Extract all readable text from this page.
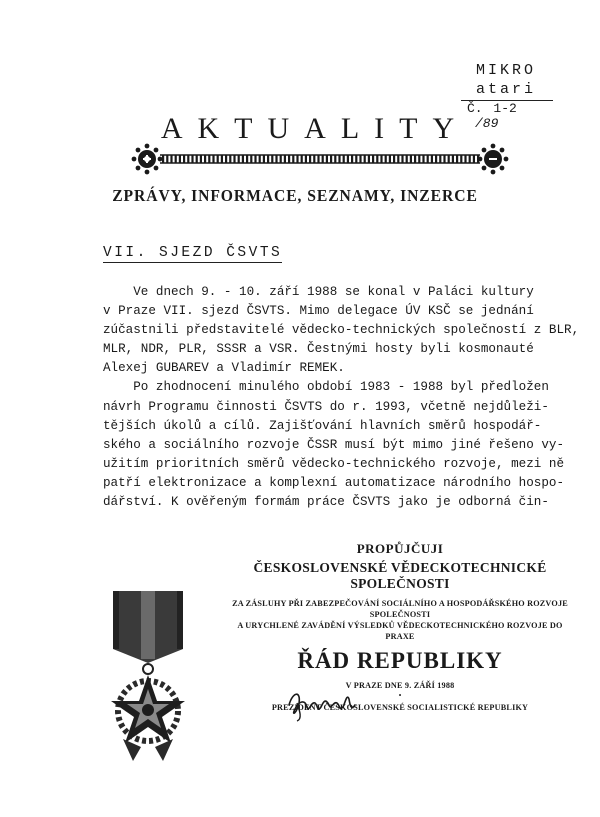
MIKRO
atari
Č. 1-2 /89
AKTUALITY
ZPRÁVY, INFORMACE, SEZNAMY, INZERCE
VII. SJEZD ČSVTS
Ve dnech 9. - 10. září 1988 se konal v Paláci kultury
v Praze VII. sjezd ČSVTS. Mimo delegace ÚV KSČ se jednání
zúčastnili představitelé vědecko-technických společností z BLR,
MLR, NDR, PLR, SSSR a VSR. Čestnými hosty byli kosmonauté
Alexej GUBAREV a Vladimír REMEK.
Po zhodnocení minulého období 1983 - 1988 byl předložen
návrh Programu činnosti ČSVTS do r. 1993, včetně nejdůleži-
tějších úkolů a cílů. Zajišťování hlavních směrů hospodář-
ského a sociálního rozvoje ČSSR musí být mimo jiné řešeno vy-
užitím prioritních směrů vědecko-technického rozvoje, mezi ně
patří elektronizace a komplexní automatizace národního hospo-
dářství. K ověřeným formám práce ČSVTS jako je odborná čin-
PROPŮJČUJI
ČESKOSLOVENSKÉ VĚDECKOTECHNICKÉ SPOLEČNOSTI
ZA ZÁSLUHY PŘI ZABEZPEČOVÁNÍ SOCIÁLNÍHO A HOSPODÁŘSKÉHO ROZVOJE SPOLEČNOSTI
A URYCHLENÉ ZAVÁDĚNÍ VÝSLEDKŮ VĚDECKOTECHNICKÉHO ROZVOJE DO PRAXE
ŘÁD REPUBLIKY
V PRAZE DNE 9. ZÁŘÍ 1988
•
PREZIDENT ČESKOSLOVENSKÉ SOCIALISTICKÉ REPUBLIKY
